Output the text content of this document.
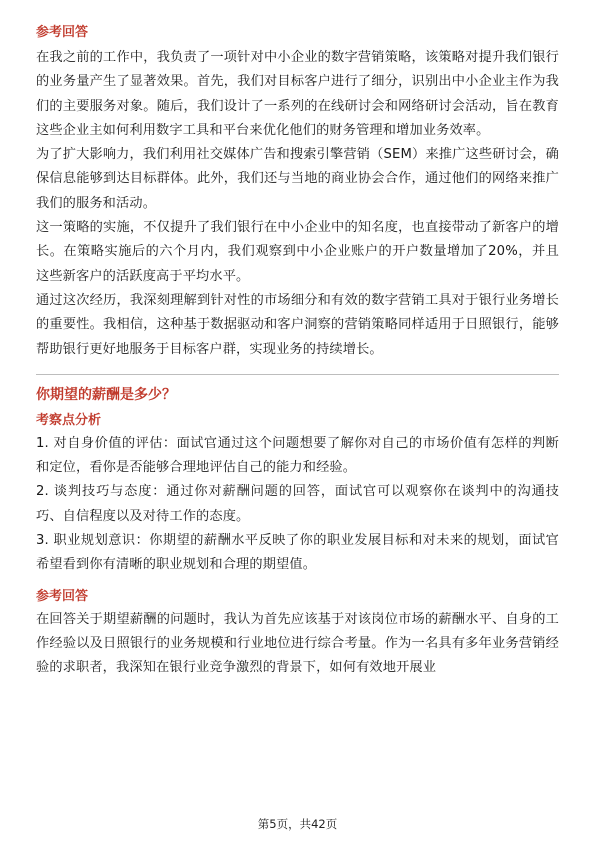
参考回答

在我之前的工作中，我负责了一项针对中小企业的数字营销策略，该策略对提升我们银行的业务量产生了显著效果。首先，我们对目标客户进行了细分，识别出中小企业主作为我们的主要服务对象。随后，我们设计了一系列的在线研讨会和网络研讨会活动，旨在教育这些企业主如何利用数字工具和平台来优化他们的财务管理和增加业务效率。

为了扩大影响力，我们利用社交媒体广告和搜索引擎营销（SEM）来推广这些研讨会，确保信息能够到达目标群体。此外，我们还与当地的商业协会合作，通过他们的网络来推广我们的服务和活动。

这一策略的实施，不仅提升了我们银行在中小企业中的知名度，也直接带动了新客户的增长。在策略实施后的六个月内，我们观察到中小企业账户的开户数量增加了20%，并且这些新客户的活跃度高于平均水平。

通过这次经历，我深刻理解到针对性的市场细分和有效的数字营销工具对于银行业务增长的重要性。我相信，这种基于数据驱动和客户洞察的营销策略同样适用于日照银行，能够帮助银行更好地服务于目标客户群，实现业务的持续增长。

你期望的薪酬是多少？

考察点分析

1. 对自身价值的评估：面试官通过这个问题想要了解你对自己的市场价值有怎样的判断和定位，看你是否能够合理地评估自己的能力和经验。

2. 谈判技巧与态度：通过你对薪酬问题的回答，面试官可以观察你在谈判中的沟通技巧、自信程度以及对待工作的态度。

3. 职业规划意识：你期望的薪酬水平反映了你的职业发展目标和对未来的规划，面试官希望看到你有清晰的职业规划和合理的期望值。

参考回答

在回答关于期望薪酬的问题时，我认为首先应该基于对该岗位市场的薪酬水平、自身的工作经验以及日照银行的业务规模和行业地位进行综合考量。作为一名具有多年业务营销经验的求职者，我深知在银行业竞争激烈的背景下，如何有效地开展业

第5页，共42页
